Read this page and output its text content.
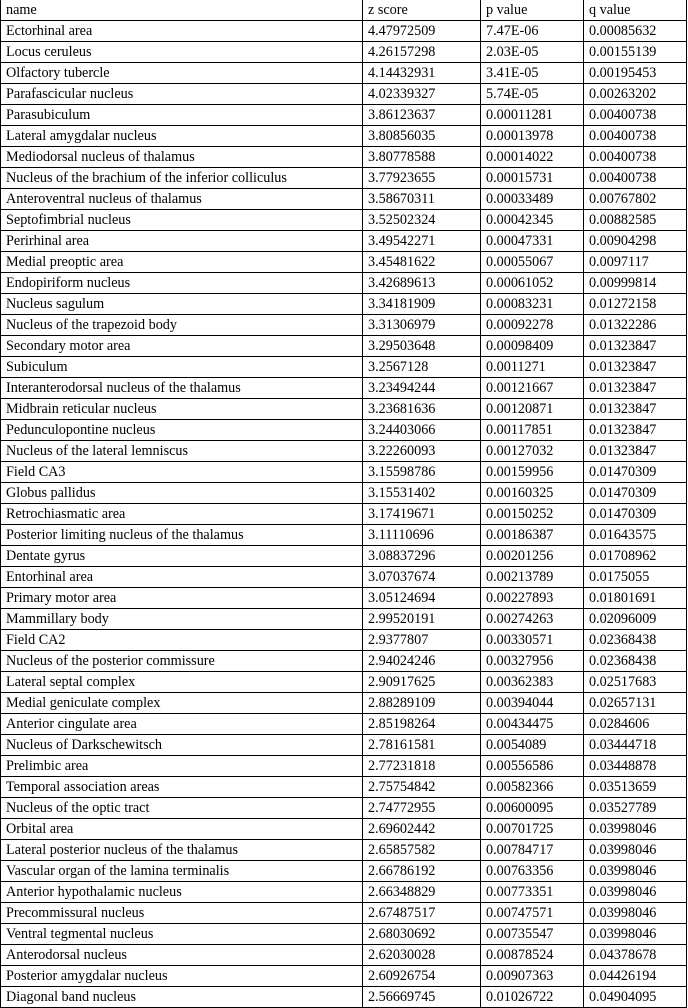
name	z score	p value	q value
Ectorhinal area	4.47972509	7.47E-06	0.00085632
Locus ceruleus	4.26157298	2.03E-05	0.00155139
Olfactory tubercle	4.14432931	3.41E-05	0.00195453
Parafascicular nucleus	4.02339327	5.74E-05	0.00263202
Parasubiculum	3.86123637	0.00011281	0.00400738
Lateral amygdalar nucleus	3.80856035	0.00013978	0.00400738
Mediodorsal nucleus of thalamus	3.80778588	0.00014022	0.00400738
Nucleus of the brachium of the inferior colliculus	3.77923655	0.00015731	0.00400738
Anteroventral nucleus of thalamus	3.58670311	0.00033489	0.00767802
Septofimbrial nucleus	3.52502324	0.00042345	0.00882585
Perirhinal area	3.49542271	0.00047331	0.00904298
Medial preoptic area	3.45481622	0.00055067	0.0097117
Endopiriform nucleus	3.42689613	0.00061052	0.00999814
Nucleus sagulum	3.34181909	0.00083231	0.01272158
Nucleus of the trapezoid body	3.31306979	0.00092278	0.01322286
Secondary motor area	3.29503648	0.00098409	0.01323847
Subiculum	3.2567128	0.0011271	0.01323847
Interanterodorsal nucleus of the thalamus	3.23494244	0.00121667	0.01323847
Midbrain reticular nucleus	3.23681636	0.00120871	0.01323847
Pedunculopontine nucleus	3.24403066	0.00117851	0.01323847
Nucleus of the lateral lemniscus	3.22260093	0.00127032	0.01323847
Field CA3	3.15598786	0.00159956	0.01470309
Globus pallidus	3.15531402	0.00160325	0.01470309
Retrochiasmatic area	3.17419671	0.00150252	0.01470309
Posterior limiting nucleus of the thalamus	3.11110696	0.00186387	0.01643575
Dentate gyrus	3.08837296	0.00201256	0.01708962
Entorhinal area	3.07037674	0.00213789	0.0175055
Primary motor area	3.05124694	0.00227893	0.01801691
Mammillary body	2.99520191	0.00274263	0.02096009
Field CA2	2.9377807	0.00330571	0.02368438
Nucleus of the posterior commissure	2.94024246	0.00327956	0.02368438
Lateral septal complex	2.90917625	0.00362383	0.02517683
Medial geniculate complex	2.88289109	0.00394044	0.02657131
Anterior cingulate area	2.85198264	0.00434475	0.0284606
Nucleus of Darkschewitsch	2.78161581	0.0054089	0.03444718
Prelimbic area	2.77231818	0.00556586	0.03448878
Temporal association areas	2.75754842	0.00582366	0.03513659
Nucleus of the optic tract	2.74772955	0.00600095	0.03527789
Orbital area	2.69602442	0.00701725	0.03998046
Lateral posterior nucleus of the thalamus	2.65857582	0.00784717	0.03998046
Vascular organ of the lamina terminalis	2.66786192	0.00763356	0.03998046
Anterior hypothalamic nucleus	2.66348829	0.00773351	0.03998046
Precommissural nucleus	2.67487517	0.00747571	0.03998046
Ventral tegmental nucleus	2.68030692	0.00735547	0.03998046
Anterodorsal nucleus	2.62030028	0.00878524	0.04378678
Posterior amygdalar nucleus	2.60926754	0.00907363	0.04426194
Diagonal band nucleus	2.56669745	0.01026722	0.04904095
